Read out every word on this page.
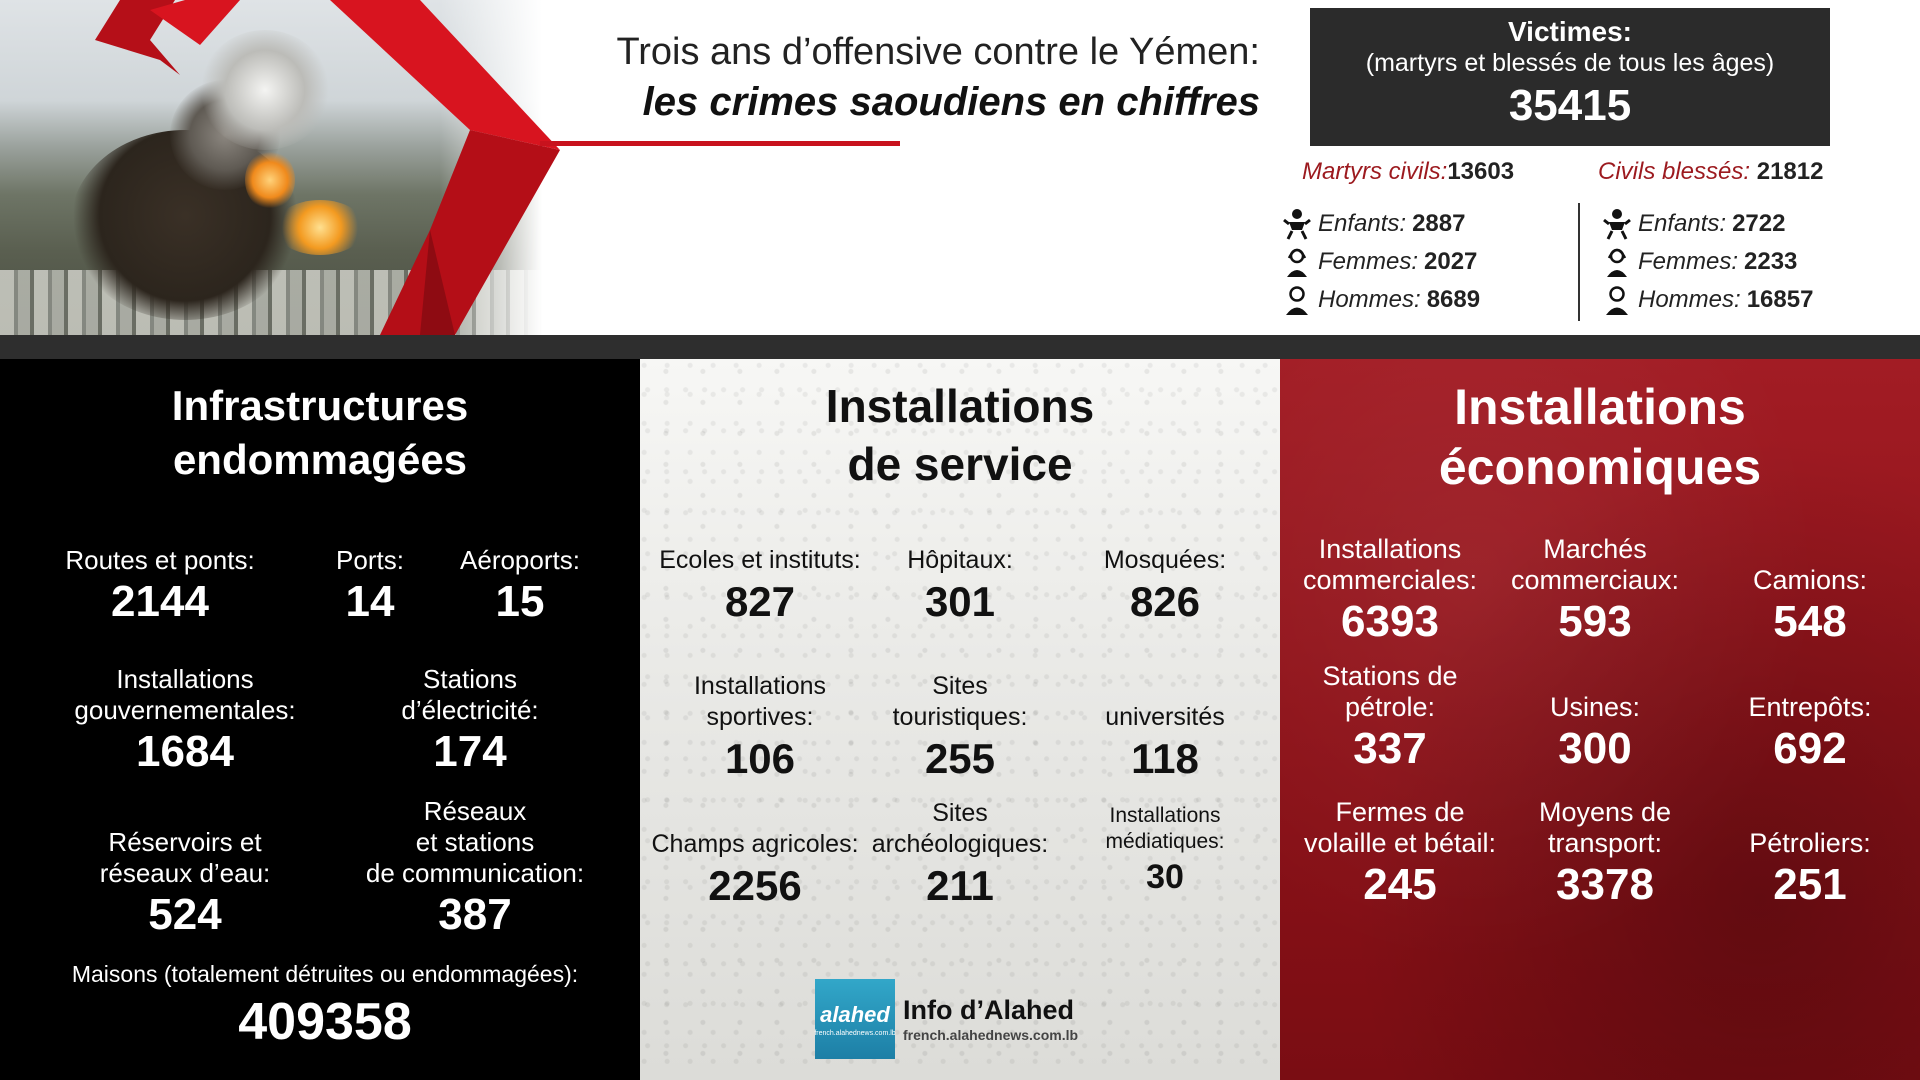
Trois ans d’offensive contre le Yémen:
les crimes saoudiens en chiffres
Victimes:
(martyrs et blessés de tous les âges)
35415
Martyrs civils:13603	Civils blessés: 21812
Enfants: 2887
Femmes: 2027
Hommes: 8689
Enfants: 2722
Femmes: 2233
Hommes: 16857
Infrastructures
endommagées
Routes et ponts:
2144
Ports:
14
Aéroports:
15
Installations
gouvernementales:
1684
Stations
d’électricité:
174
Réservoirs et
réseaux d’eau:
524
Réseaux
et stations
de communication:
387
Maisons (totalement détruites ou endommagées):
409358
Installations
de service
Ecoles et instituts:
827
Hôpitaux:
301
Mosquées:
826
Installations
sportives:
106
Sites
touristiques:
255
universités
118
Champs agricoles:
2256
Sites
archéologiques:
211
Installations
médiatiques:
30
alahed
french.alahednews.com.lb
Info d’Alahed
french.alahednews.com.lb
Installations
économiques
Installations
commerciales:
6393
Marchés
commerciaux:
593
Camions:
548
Stations de
pétrole:
337
Usines:
300
Entrepôts:
692
Fermes de
volaille et bétail:
245
Moyens de
transport:
3378
Pétroliers:
251
